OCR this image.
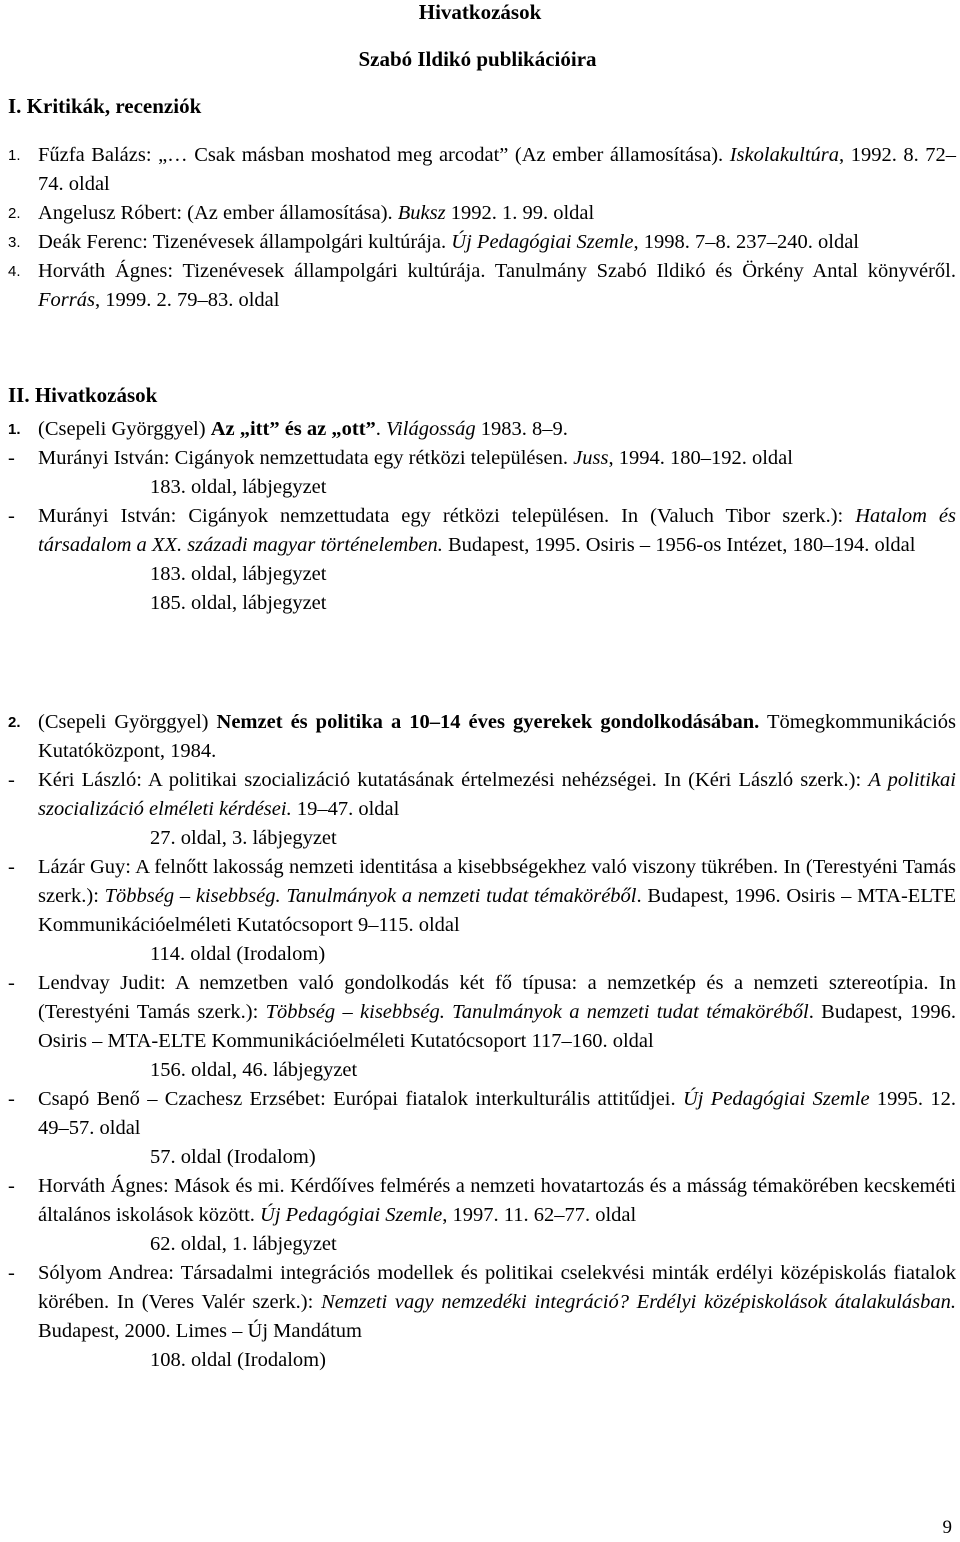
Hivatkozások
Szabó Ildikó publikációira
I. Kritikák, recenziók
1. Fűzfa Balázs: „… Csak másban moshatod meg arcodat” (Az ember államosítása). Iskolakultúra, 1992. 8. 72–74. oldal
2. Angelusz Róbert: (Az ember államosítása). Buksz 1992. 1. 99. oldal
3. Deák Ferenc: Tizenévesek állampolgári kultúrája. Új Pedagógiai Szemle, 1998. 7–8. 237–240. oldal
4. Horváth Ágnes: Tizenévesek állampolgári kultúrája. Tanulmány Szabó Ildikó és Örkény Antal könyvéről. Forrás, 1999. 2. 79–83. oldal
II. Hivatkozások
1. (Csepeli Györggyel) Az „itt” és az „ott”. Világosság 1983. 8–9.
- Murányi István: Cigányok nemzettudata egy rétközi településen. Juss, 1994. 180–192. oldal
183. oldal, lábjegyzet
- Murányi István: Cigányok nemzettudata egy rétközi településen. In (Valuch Tibor szerk.): Hatalom és társadalom a XX. századi magyar történelemben. Budapest, 1995. Osiris – 1956-os Intézet, 180–194. oldal
183. oldal, lábjegyzet
185. oldal, lábjegyzet
2. (Csepeli Györggyel) Nemzet és politika a 10–14 éves gyerekek gondolkodásában. Tömegkommunikációs Kutatóközpont, 1984.
- Kéri László: A politikai szocializáció kutatásának értelmezési nehézségei. In (Kéri László szerk.): A politikai szocializáció elméleti kérdései. 19–47. oldal
27. oldal, 3. lábjegyzet
- Lázár Guy: A felnőtt lakosság nemzeti identitása a kisebbségekhez való viszony tükrében. In (Terestyéni Tamás szerk.): Többség – kisebbség. Tanulmányok a nemzeti tudat témaköréből. Budapest, 1996. Osiris – MTA-ELTE Kommunikációelméleti Kutatócsoport 9–115. oldal
114. oldal (Irodalom)
- Lendvay Judit: A nemzetben való gondolkodás két fő típusa: a nemzetkép és a nemzeti sztereotípia. In (Terestyéni Tamás szerk.): Többség – kisebbség. Tanulmányok a nemzeti tudat témaköréből. Budapest, 1996. Osiris – MTA-ELTE Kommunikációelméleti Kutatócsoport 117–160. oldal
156. oldal, 46. lábjegyzet
- Csapó Benő – Czachesz Erzsébet: Európai fiatalok interkulturális attitűdjei. Új Pedagógiai Szemle 1995. 12. 49–57. oldal
57. oldal (Irodalom)
- Horváth Ágnes: Mások és mi. Kérdőíves felmérés a nemzeti hovatartozás és a másság témakörében kecskeméti általános iskolások között. Új Pedagógiai Szemle, 1997. 11. 62–77. oldal
62. oldal, 1. lábjegyzet
- Sólyom Andrea: Társadalmi integrációs modellek és politikai cselekvési minták erdélyi középiskolás fiatalok körében. In (Veres Valér szerk.): Nemzeti vagy nemzedéki integráció? Erdélyi középiskolások átalakulásban. Budapest, 2000. Limes – Új Mandátum
108. oldal (Irodalom)
9
